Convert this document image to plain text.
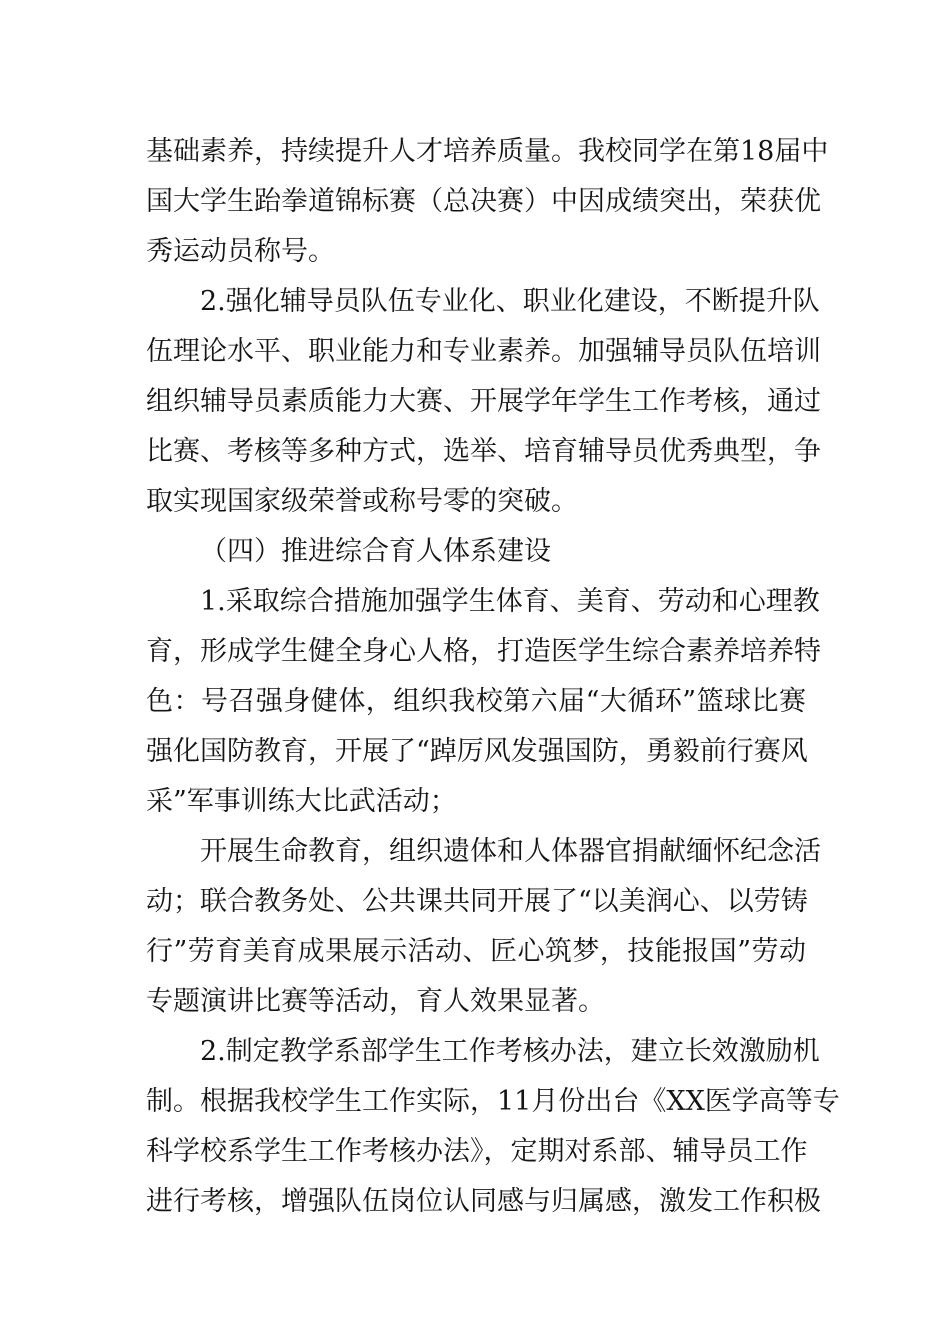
基础素养，持续提升人才培养质量。我校同学在第18届中
国大学生跆拳道锦标赛（总决赛）中因成绩突出，荣获优
秀运动员称号。
2.强化辅导员队伍专业化、职业化建设，不断提升队
伍理论水平、职业能力和专业素养。加强辅导员队伍培训
组织辅导员素质能力大赛、开展学年学生工作考核，通过
比赛、考核等多种方式，选举、培育辅导员优秀典型，争
取实现国家级荣誉或称号零的突破。
（四）推进综合育人体系建设
1.采取综合措施加强学生体育、美育、劳动和心理教
育，形成学生健全身心人格，打造医学生综合素养培养特
色：号召强身健体，组织我校第六届“大循环”篮球比赛
强化国防教育，开展了“踔厉风发强国防，勇毅前行赛风
采”军事训练大比武活动；
开展生命教育，组织遗体和人体器官捐献缅怀纪念活
动；联合教务处、公共课共同开展了“以美润心、以劳铸
行”劳育美育成果展示活动、匠心筑梦，技能报国”劳动
专题演讲比赛等活动，育人效果显著。
2.制定教学系部学生工作考核办法，建立长效激励机
制。根据我校学生工作实际，11月份出台《XX医学高等专
科学校系学生工作考核办法》，定期对系部、辅导员工作
进行考核，增强队伍岗位认同感与归属感，激发工作积极
